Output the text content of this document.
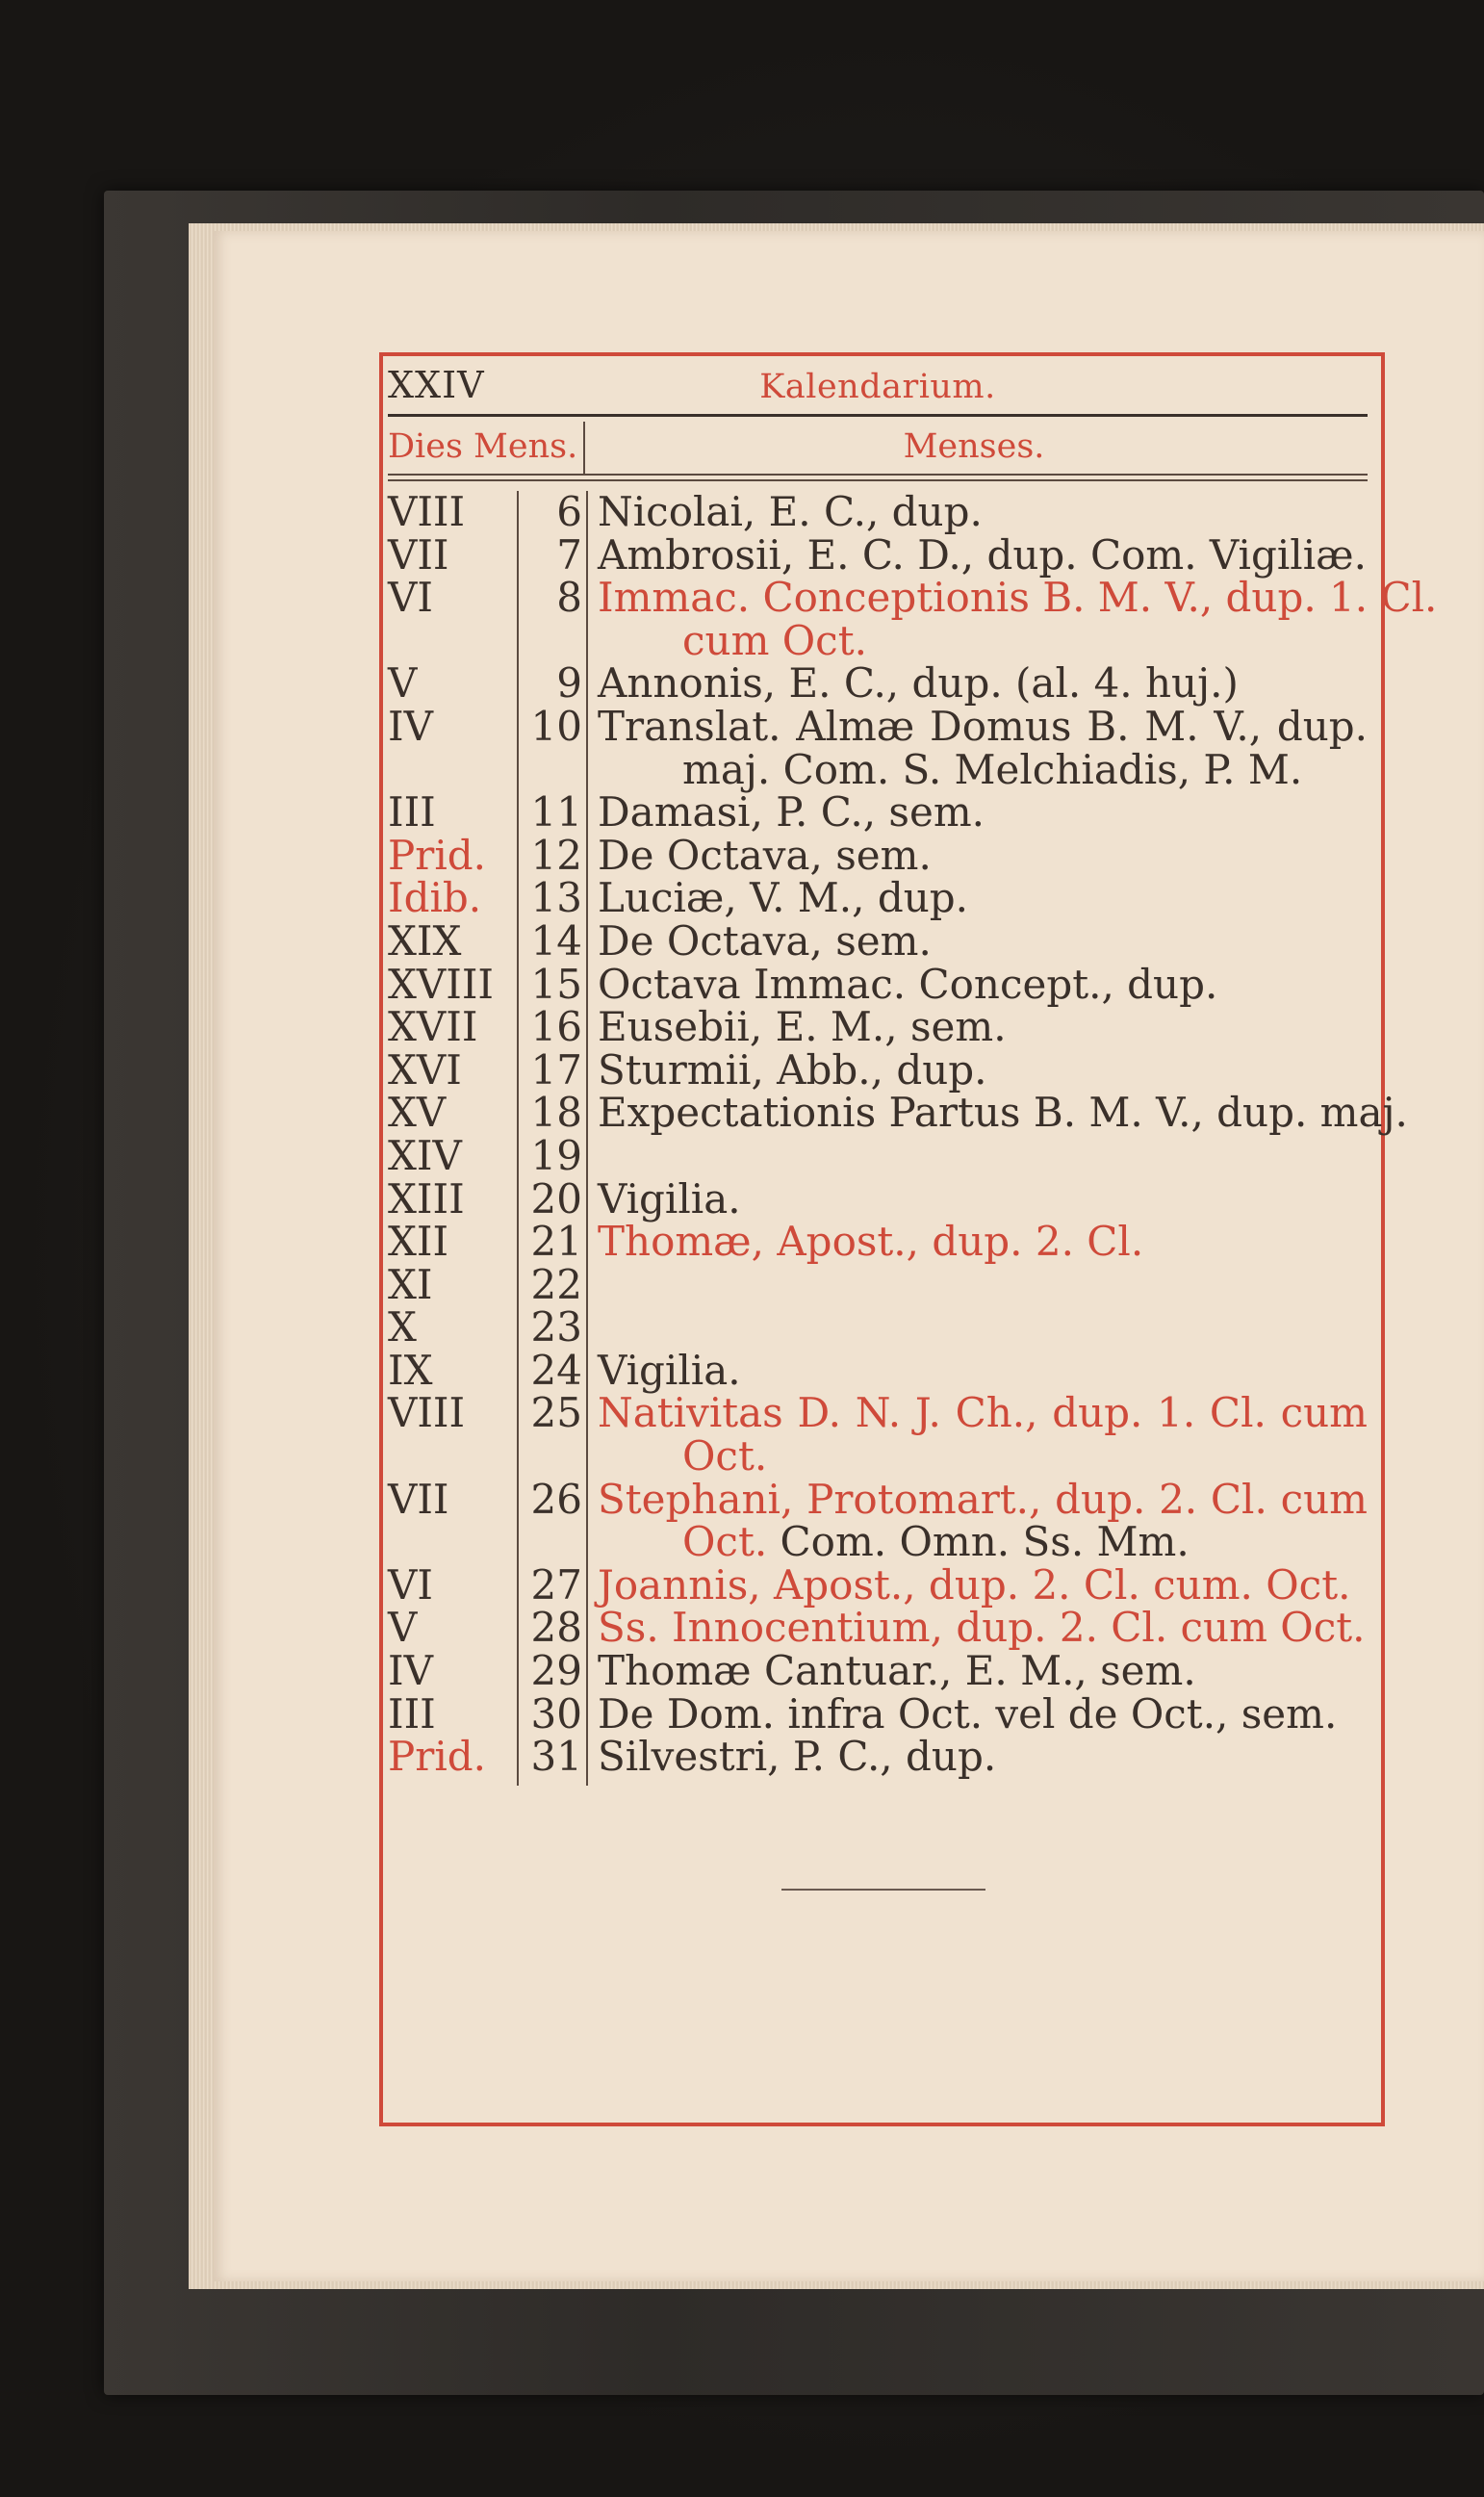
XXIV	Kalendarium.
Dies Mens.	Menses.
VIII	6 Nicolai, E. C., dup.
VII	7 Ambrosii, E. C. D., dup. Com. Vigiliæ.
VI	8 Immac. Conceptionis B. M. V., dup. 1. Cl.
cum Oct.
V	9 Annonis, E. C., dup. (al. 4. huj.)
IV	10 Translat. Almæ Domus B. M. V., dup.
maj. Com. S. Melchiadis, P. M.
III	11 Damasi, P. C., sem.
Prid.	12 De Octava, sem.
Idib.	13 Luciæ, V. M., dup.
XIX	14 De Octava, sem.
XVIII 15 Octava Immac. Concept., dup.
XVII	16 Eusebii, E. M., sem.
XVI	17 Sturmii, Abb., dup.
XV	18 Expectationis Partus B. M. V., dup. maj.
XIV	19

XIII	20 Vigilia.
XII	21 Thomæ, Apost., dup. 2. Cl.
XI	22

X	23

IX	24 Vigilia.
VIII	25 Nativitas D. N. J. Ch., dup. 1. Cl. cum
Oct.
VII	26 Stephani, Protomart., dup. 2. Cl. cum
Oct. Com. Omn. Ss. Mm.
VI	27 Joannis, Apost., dup. 2. Cl. cum. Oct.
V	28 Ss. Innocentium, dup. 2. Cl. cum Oct.
IV	29 Thomæ Cantuar., E. M., sem.
III	30 De Dom. infra Oct. vel de Oct., sem.
Prid.	31 Silvestri, P. C., dup.
